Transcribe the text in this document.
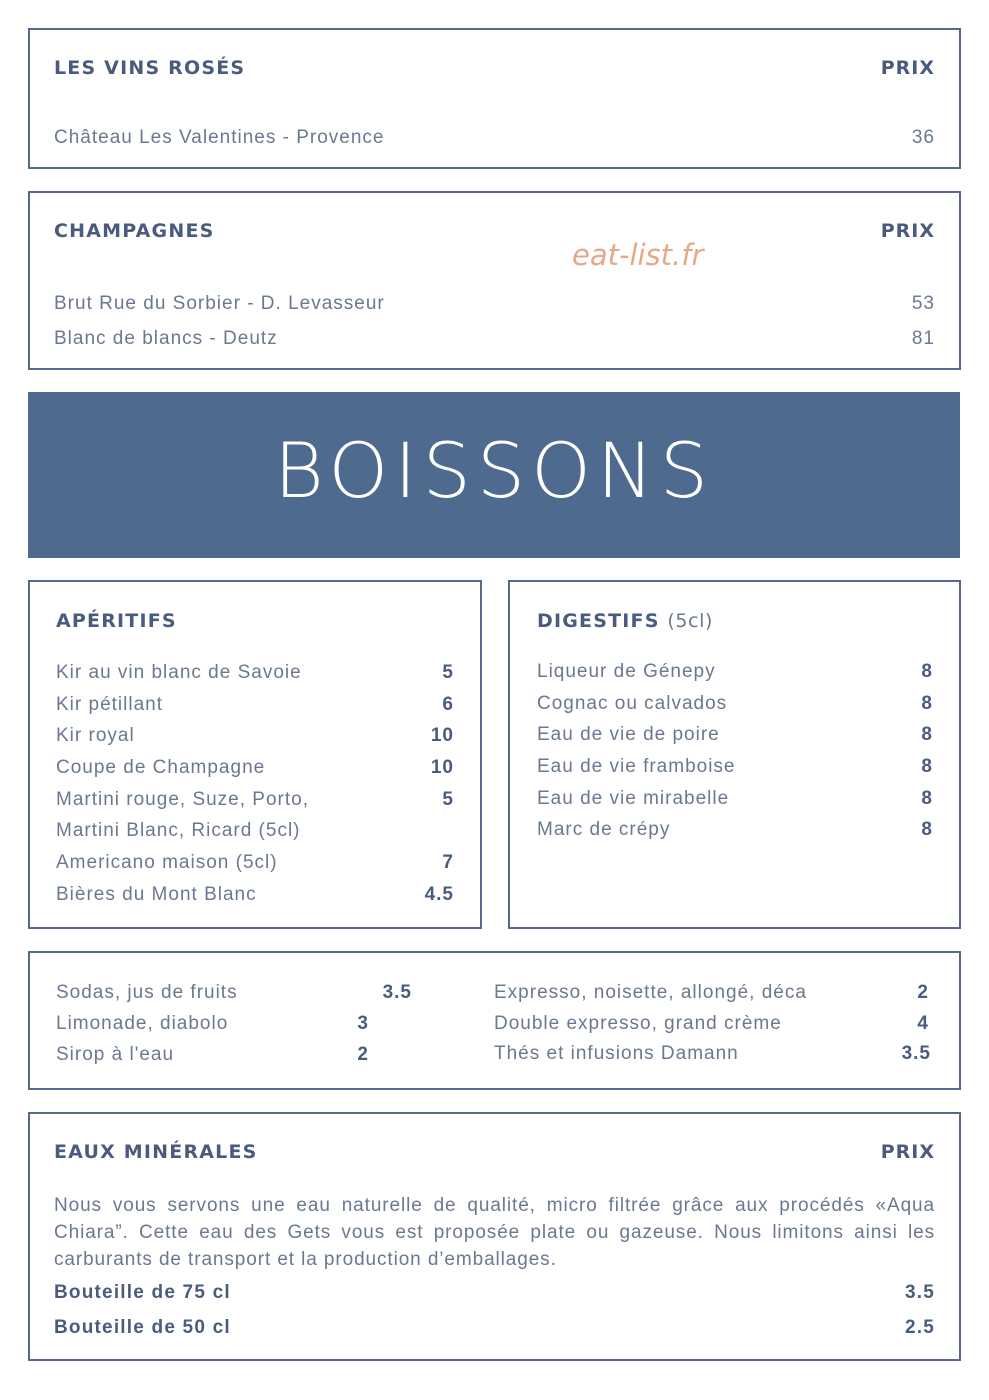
LES VINS ROSÉS	PRIX
Château Les Valentines - Provence	36
CHAMPAGNES	PRIX
Brut Rue du Sorbier - D. Levasseur	53
Blanc de blancs - Deutz	81
eat-list.fr
BOISSONS
APÉRITIFS
Kir au vin blanc de Savoie	5
Kir pétillant	6
Kir royal	10
Coupe de Champagne	10
Martini rouge, Suze, Porto,	5
Martini Blanc, Ricard (5cl)
Americano maison (5cl)	7
Bières du Mont Blanc	4.5
DIGESTIFS (5cl)
Liqueur de Génepy	8
Cognac ou calvados	8
Eau de vie de poire	8
Eau de vie framboise	8
Eau de vie mirabelle	8
Marc de crépy	8
Sodas, jus de fruits	3.5
Limonade, diabolo	3
Sirop à l'eau	2
Expresso, noisette, allongé, déca	2
Double expresso, grand crème	4
Thés et infusions Damann	3.5
EAUX MINÉRALES	PRIX
Nous vous servons une eau naturelle de qualité, micro filtrée grâce aux procédés «Aqua Chiara”. Cette eau des Gets vous est proposée plate ou gazeuse. Nous limitons ainsi les carburants de transport et la production d’emballages.
Bouteille de 75 cl	3.5
Bouteille de 50 cl	2.5
